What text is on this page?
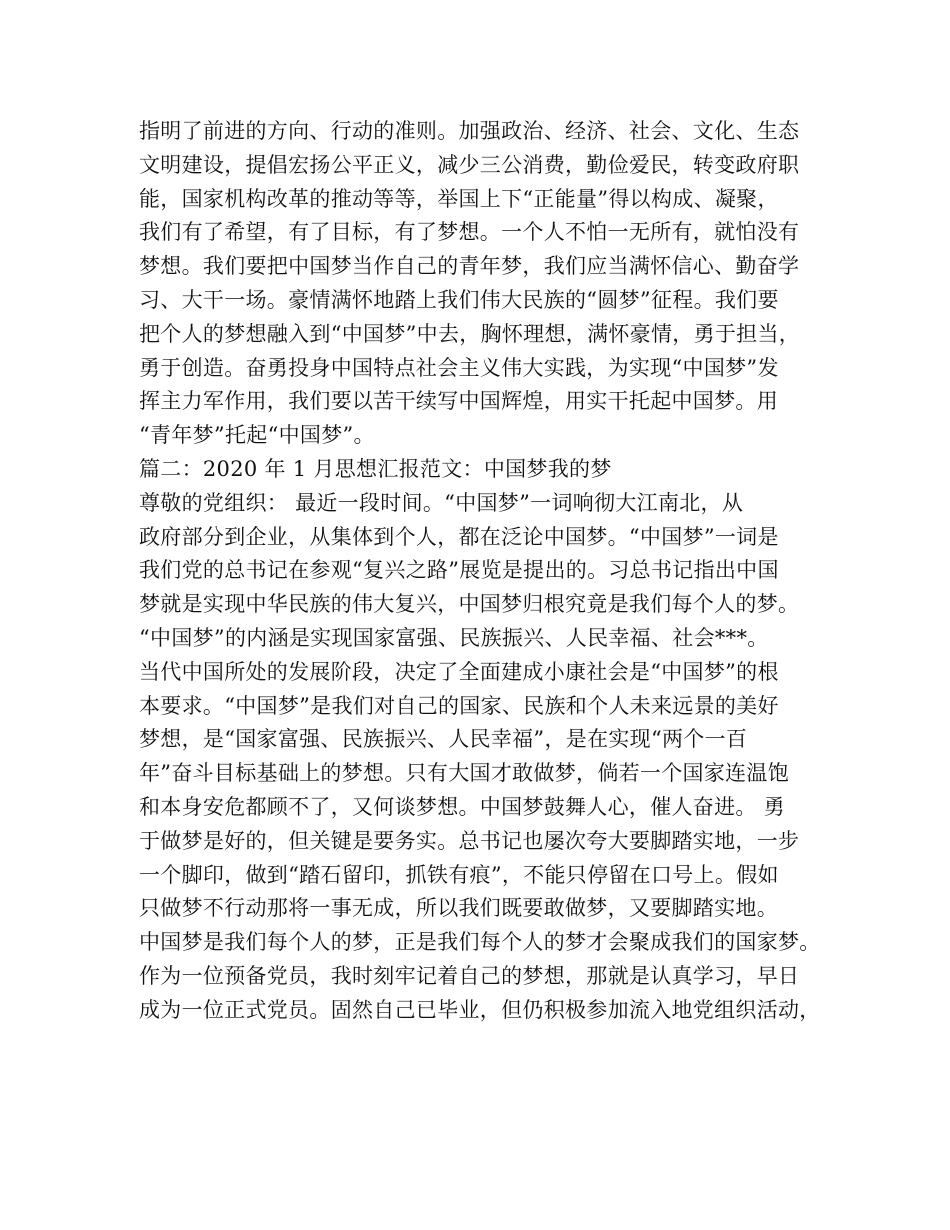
指明了前进的方向、行动的准则。加强政治、经济、社会、文化、生态
文明建设，提倡宏扬公平正义，减少三公消费，勤俭爱民，转变政府职
能，国家机构改革的推动等等，举国上下“正能量”得以构成、凝聚，
我们有了希望，有了目标，有了梦想。一个人不怕一无所有，就怕没有
梦想。我们要把中国梦当作自己的青年梦，我们应当满怀信心、勤奋学
习、大干一场。豪情满怀地踏上我们伟大民族的“圆梦”征程。我们要
把个人的梦想融入到“中国梦”中去，胸怀理想，满怀豪情，勇于担当，
勇于创造。奋勇投身中国特点社会主义伟大实践，为实现“中国梦”发
挥主力军作用，我们要以苦干续写中国辉煌，用实干托起中国梦。用
“青年梦”托起“中国梦”。
篇二：2020 年 1 月思想汇报范文：中国梦我的梦
尊敬的党组织： 最近一段时间。“中国梦”一词响彻大江南北，从
政府部分到企业，从集体到个人，都在泛论中国梦。“中国梦”一词是
我们党的总书记在参观“复兴之路”展览是提出的。习总书记指出中国
梦就是实现中华民族的伟大复兴，中国梦归根究竟是我们每个人的梦。
“中国梦”的内涵是实现国家富强、民族振兴、人民幸福、社会***。
当代中国所处的发展阶段，决定了全面建成小康社会是“中国梦”的根
本要求。“中国梦”是我们对自己的国家、民族和个人未来远景的美好
梦想，是“国家富强、民族振兴、人民幸福”，是在实现“两个一百
年”奋斗目标基础上的梦想。只有大国才敢做梦，倘若一个国家连温饱
和本身安危都顾不了，又何谈梦想。中国梦鼓舞人心，催人奋进。 勇
于做梦是好的，但关键是要务实。总书记也屡次夸大要脚踏实地，一步
一个脚印，做到“踏石留印，抓铁有痕”，不能只停留在口号上。假如
只做梦不行动那将一事无成，所以我们既要敢做梦，又要脚踏实地。
中国梦是我们每个人的梦，正是我们每个人的梦才会聚成我们的国家梦。
作为一位预备党员，我时刻牢记着自己的梦想，那就是认真学习，早日
成为一位正式党员。固然自己已毕业，但仍积极参加流入地党组织活动，
